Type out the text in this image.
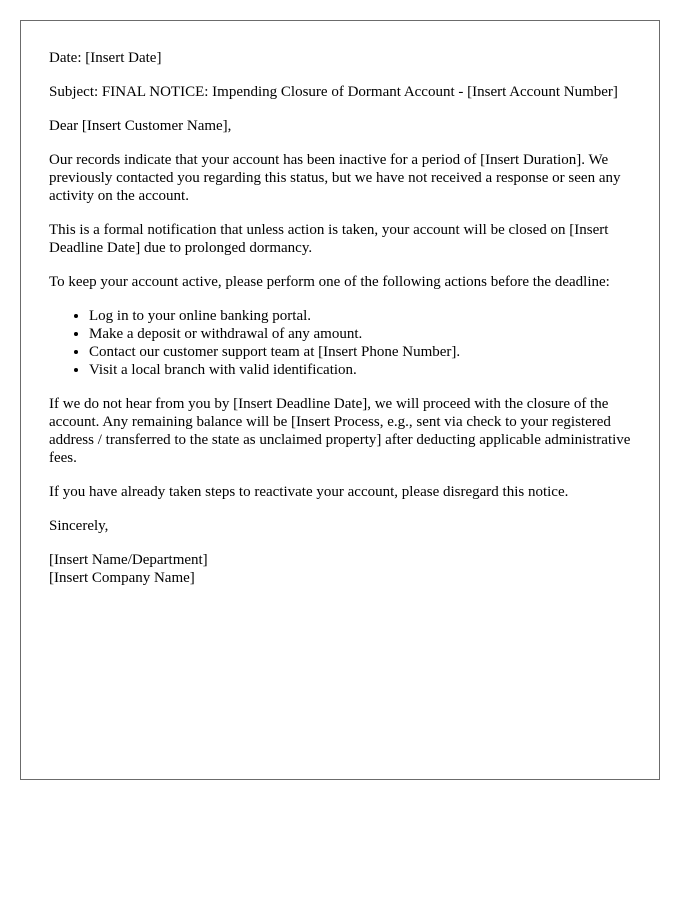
Date: [Insert Date]

Subject: FINAL NOTICE: Impending Closure of Dormant Account - [Insert Account Number]

Dear [Insert Customer Name],

Our records indicate that your account has been inactive for a period of [Insert Duration]. We previously contacted you regarding this status, but we have not received a response or seen any activity on the account.

This is a formal notification that unless action is taken, your account will be closed on [Insert Deadline Date] due to prolonged dormancy.

To keep your account active, please perform one of the following actions before the deadline:

• Log in to your online banking portal.
• Make a deposit or withdrawal of any amount.
• Contact our customer support team at [Insert Phone Number].
• Visit a local branch with valid identification.

If we do not hear from you by [Insert Deadline Date], we will proceed with the closure of the account. Any remaining balance will be [Insert Process, e.g., sent via check to your registered address / transferred to the state as unclaimed property] after deducting applicable administrative fees.

If you have already taken steps to reactivate your account, please disregard this notice.

Sincerely,

[Insert Name/Department]
[Insert Company Name]
